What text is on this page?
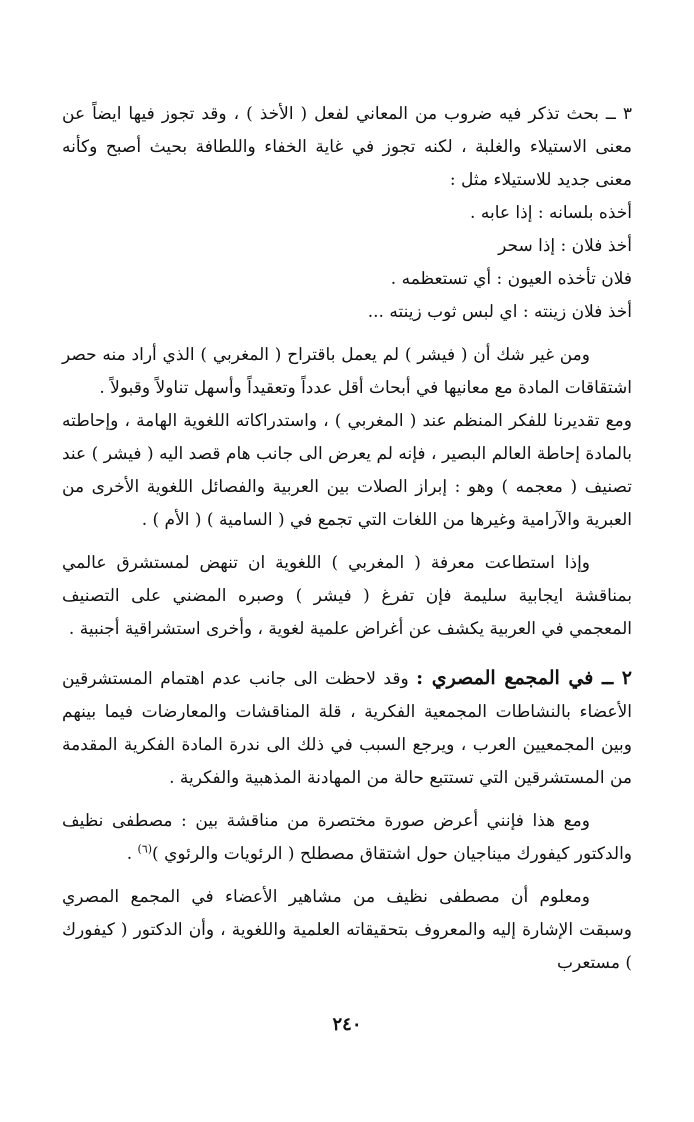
٣ ــ بحث تذكر فيه ضروب من المعاني لفعل ( الأخذ ) ، وقد تجوز فيها ايضاً عن معنى الاستيلاء والغلبة ، لكنه تجوز في غاية الخفاء واللطافة بحيث أصبح وكأنه معنى جديد للاستيلاء مثل :

أخذه بلسانه : إذا عابه .
أخذ فلان : إذا سحر
فلان تأخذه العيون : أي تستعظمه .
أخذ فلان زينته : اي لبس ثوب زينته ...

ومن غير شك أن ( فيشر ) لم يعمل باقتراح ( المغربي ) الذي أراد منه حصر اشتقاقات المادة مع معانيها في أبحاث أقل عدداً وتعقيداً وأسهل تناولاً وقبولاً .

ومع تقديرنا للفكر المنظم عند ( المغربي ) ، واستدراكاته اللغوية الهامة ، وإحاطته بالمادة إحاطة العالم البصير ، فإنه لم يعرض الى جانب هام قصد اليه ( فيشر ) عند تصنيف ( معجمه ) وهو : إبراز الصلات بين العربية والفصائل اللغوية الأخرى من العبرية والآرامية وغيرها من اللغات التي تجمع في ( السامية ) ( الأم ) .

وإذا استطاعت معرفة ( المغربي ) اللغوية ان تنهض لمستشرق عالمي بمناقشة ايجابية سليمة فإن تفرغ ( فيشر ) وصبره المضني على التصنيف المعجمي في العربية يكشف عن أغراض علمية لغوية ، وأخرى استشراقية أجنبية .

٢ ــ في المجمع المصري : وقد لاحظت الى جانب عدم اهتمام المستشرقين الأعضاء بالنشاطات المجمعية الفكرية ، قلة المناقشات والمعارضات فيما بينهم وبين المجمعيين العرب ، ويرجع السبب في ذلك الى ندرة المادة الفكرية المقدمة من المستشرقين التي تستتبع حالة من المهادنة المذهبية والفكرية .

ومع هذا فإنني أعرض صورة مختصرة من مناقشة بين : مصطفى نظيف والدكتور كيفورك ميناجيان حول اشتقاق مصطلح ( الرئويات والرئوي )$^{(٦)}$ .

ومعلوم أن مصطفى نظيف من مشاهير الأعضاء في المجمع المصري وسبقت الإشارة إليه والمعروف بتحقيقاته العلمية واللغوية ، وأن الدكتور ( كيفورك ) مستعرب

٢٤٠
